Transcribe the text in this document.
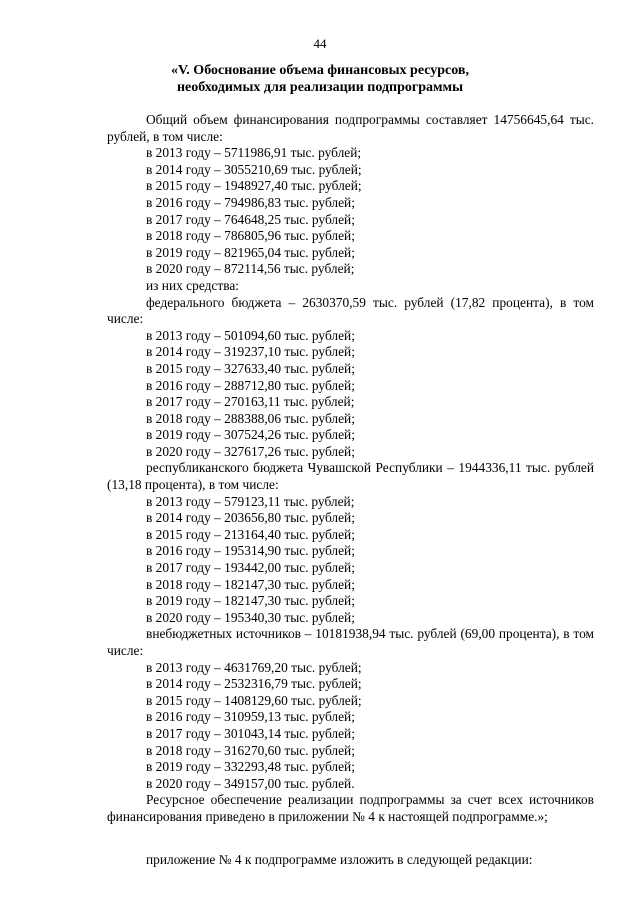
44
«V. Обоснование объема финансовых ресурсов,
необходимых для реализации подпрограммы

Общий объем финансирования подпрограммы составляет 14756645,64 тыс. рублей, в том числе:

в 2013 году – 5711986,91 тыс. рублей;

в 2014 году – 3055210,69 тыс. рублей;

в 2015 году – 1948927,40 тыс. рублей;

в 2016 году – 794986,83 тыс. рублей;

в 2017 году – 764648,25 тыс. рублей;

в 2018 году – 786805,96 тыс. рублей;

в 2019 году – 821965,04 тыс. рублей;

в 2020 году – 872114,56 тыс. рублей;

из них средства:

федерального бюджета – 2630370,59 тыс. рублей (17,82 процента), в том числе:

в 2013 году – 501094,60 тыс. рублей;

в 2014 году – 319237,10 тыс. рублей;

в 2015 году – 327633,40 тыс. рублей;

в 2016 году – 288712,80 тыс. рублей;

в 2017 году – 270163,11 тыс. рублей;

в 2018 году – 288388,06 тыс. рублей;

в 2019 году – 307524,26 тыс. рублей;

в 2020 году – 327617,26 тыс. рублей;

республиканского бюджета Чувашской Республики – 1944336,11 тыс. рублей (13,18 процента), в том числе:

в 2013 году – 579123,11 тыс. рублей;

в 2014 году – 203656,80 тыс. рублей;

в 2015 году – 213164,40 тыс. рублей;

в 2016 году – 195314,90 тыс. рублей;

в 2017 году – 193442,00 тыс. рублей;

в 2018 году – 182147,30 тыс. рублей;

в 2019 году – 182147,30 тыс. рублей;

в 2020 году – 195340,30 тыс. рублей;

внебюджетных источников – 10181938,94 тыс. рублей (69,00 процента), в том числе:

в 2013 году – 4631769,20 тыс. рублей;

в 2014 году – 2532316,79 тыс. рублей;

в 2015 году – 1408129,60 тыс. рублей;

в 2016 году – 310959,13 тыс. рублей;

в 2017 году – 301043,14 тыс. рублей;

в 2018 году – 316270,60 тыс. рублей;

в 2019 году – 332293,48 тыс. рублей;

в 2020 году – 349157,00 тыс. рублей.

Ресурсное обеспечение реализации подпрограммы за счет всех источников финансирования приведено в приложении № 4 к настоящей подпрограмме.»;

приложение № 4 к подпрограмме изложить в следующей редакции:
